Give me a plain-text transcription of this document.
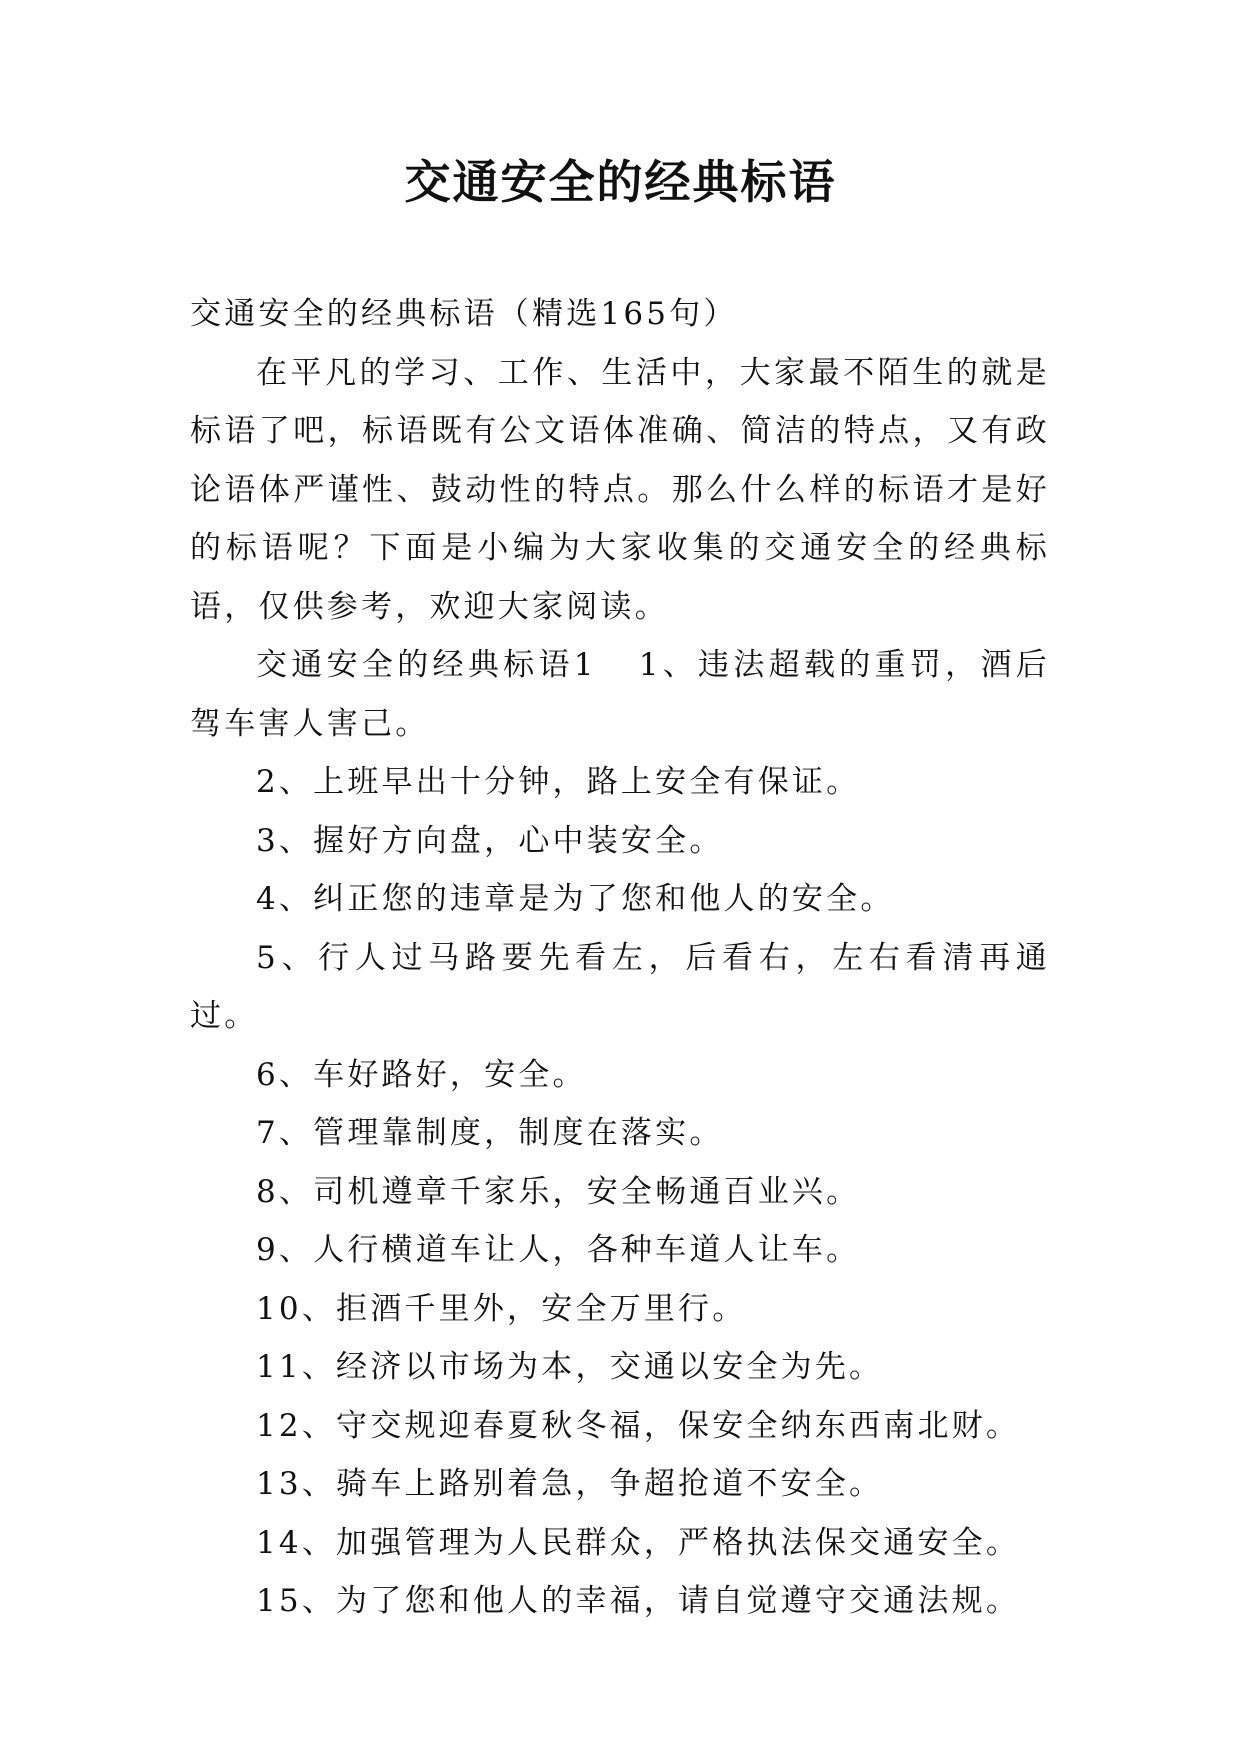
交通安全的经典标语

交通安全的经典标语（精选165句）

在平凡的学习、工作、生活中，大家最不陌生的就是标语了吧，标语既有公文语体准确、简洁的特点，又有政论语体严谨性、鼓动性的特点。那么什么样的标语才是好的标语呢？下面是小编为大家收集的交通安全的经典标语，仅供参考，欢迎大家阅读。

交通安全的经典标语1 1、违法超载的重罚，酒后驾车害人害己。

2、上班早出十分钟，路上安全有保证。

3、握好方向盘，心中装安全。

4、纠正您的违章是为了您和他人的安全。

5、行人过马路要先看左，后看右，左右看清再通过。

6、车好路好，安全。

7、管理靠制度，制度在落实。

8、司机遵章千家乐，安全畅通百业兴。

9、人行横道车让人，各种车道人让车。

10、拒酒千里外，安全万里行。

11、经济以市场为本，交通以安全为先。

12、守交规迎春夏秋冬福，保安全纳东西南北财。

13、骑车上路别着急，争超抢道不安全。

14、加强管理为人民群众，严格执法保交通安全。

15、为了您和他人的幸福，请自觉遵守交通法规。
